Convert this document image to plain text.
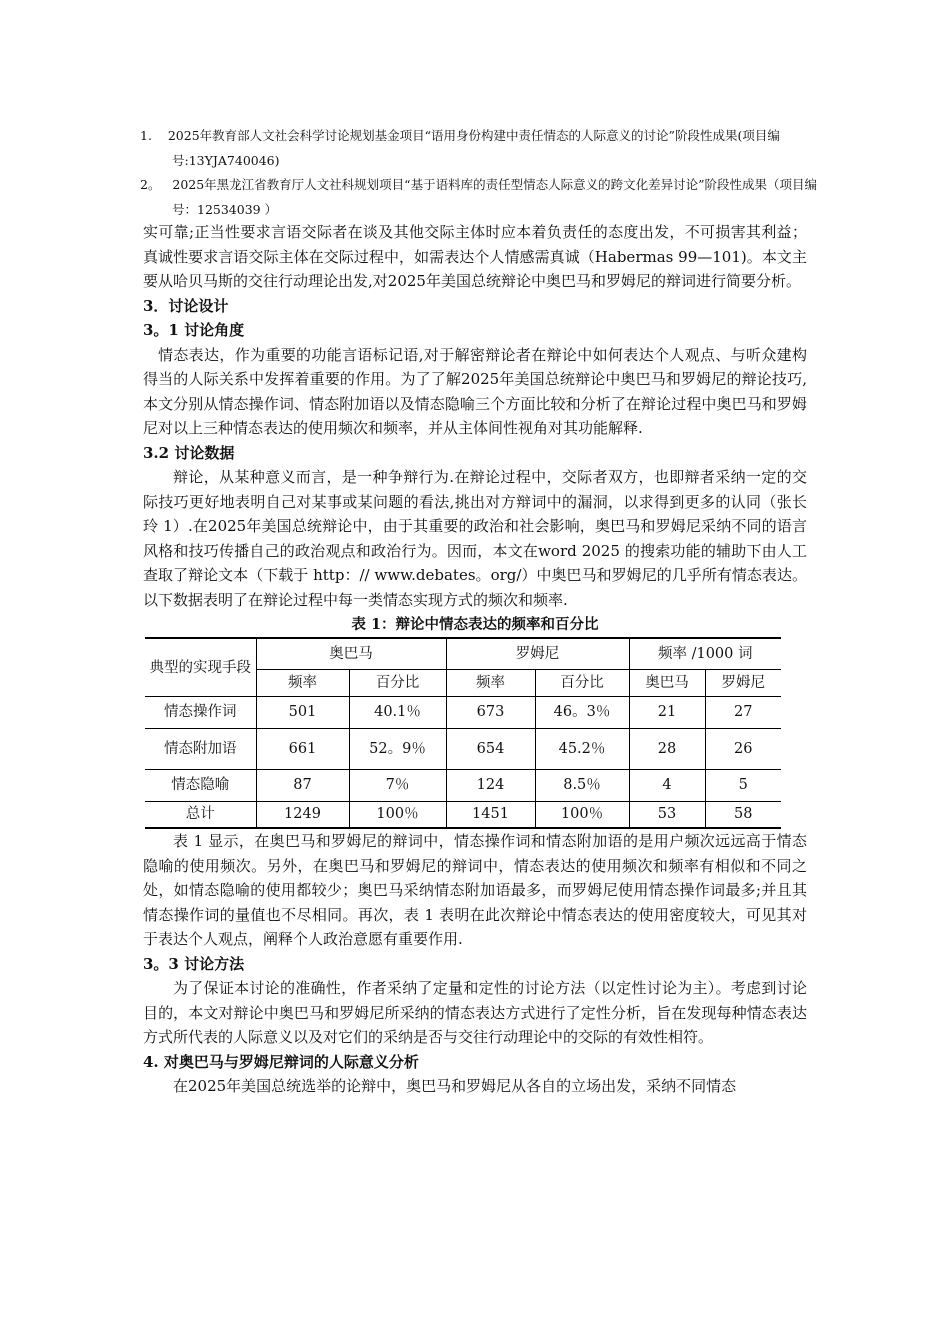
1. 2025年教育部人文社会科学讨论规划基金项目“语用身份构建中责任情态的人际意义的讨论”阶段性成果(项目编号:13YJA740046)
2。 2025年黑龙江省教育厅人文社科规划项目“基于语料库的责任型情态人际意义的跨文化差异讨论”阶段性成果（项目编号：12534039 ）

实可靠;正当性要求言语交际者在谈及其他交际主体时应本着负责任的态度出发，不可损害其利益；真诚性要求言语交际主体在交际过程中，如需表达个人情感需真诚（Habermas 99—101)。本文主要从哈贝马斯的交往行动理论出发,对2025年美国总统辩论中奥巴马和罗姆尼的辩词进行简要分析。

3．讨论设计

3。1 讨论角度

情态表达，作为重要的功能言语标记语,对于解密辩论者在辩论中如何表达个人观点、与听众建构得当的人际关系中发挥着重要的作用。为了了解2025年美国总统辩论中奥巴马和罗姆尼的辩论技巧,本文分别从情态操作词、情态附加语以及情态隐喻三个方面比较和分析了在辩论过程中奥巴马和罗姆尼对以上三种情态表达的使用频次和频率，并从主体间性视角对其功能解释.

3.2 讨论数据

辩论，从某种意义而言，是一种争辩行为.在辩论过程中，交际者双方，也即辩者采纳一定的交际技巧更好地表明自己对某事或某问题的看法,挑出对方辩词中的漏洞，以求得到更多的认同（张长玲 1）.在2025年美国总统辩论中，由于其重要的政治和社会影响，奥巴马和罗姆尼采纳不同的语言风格和技巧传播自己的政治观点和政治行为。因而，本文在word 2025 的搜索功能的辅助下由人工查取了辩论文本（下载于 http：// www.debates。org/）中奥巴马和罗姆尼的几乎所有情态表达。以下数据表明了在辩论过程中每一类情态实现方式的频次和频率.

表 1：辩论中情态表达的频率和百分比
典型的实现手段	奥巴马		罗姆尼		频率 /1000 词	
	频率	百分比	频率	百分比	奥巴马	罗姆尼
情态操作词	501	40.1％	673	46。3％	21	27
情态附加语	661	52。9％	654	45.2％	28	26
情态隐喻	87	7％	124	8.5％	4	5
总计	1249	100％	1451	100％	53	58

表 1 显示，在奥巴马和罗姆尼的辩词中，情态操作词和情态附加语的是用户频次远远高于情态隐喻的使用频次。另外，在奥巴马和罗姆尼的辩词中，情态表达的使用频次和频率有相似和不同之处，如情态隐喻的使用都较少；奥巴马采纳情态附加语最多，而罗姆尼使用情态操作词最多;并且其情态操作词的量值也不尽相同。再次，表 1 表明在此次辩论中情态表达的使用密度较大，可见其对于表达个人观点，阐释个人政治意愿有重要作用.

3。3 讨论方法

为了保证本讨论的准确性，作者采纳了定量和定性的讨论方法（以定性讨论为主）。考虑到讨论目的，本文对辩论中奥巴马和罗姆尼所采纳的情态表达方式进行了定性分析，旨在发现每种情态表达方式所代表的人际意义以及对它们的采纳是否与交往行动理论中的交际的有效性相符。

4. 对奥巴马与罗姆尼辩词的人际意义分析

在2025年美国总统选举的论辩中，奥巴马和罗姆尼从各自的立场出发，采纳不同情态
